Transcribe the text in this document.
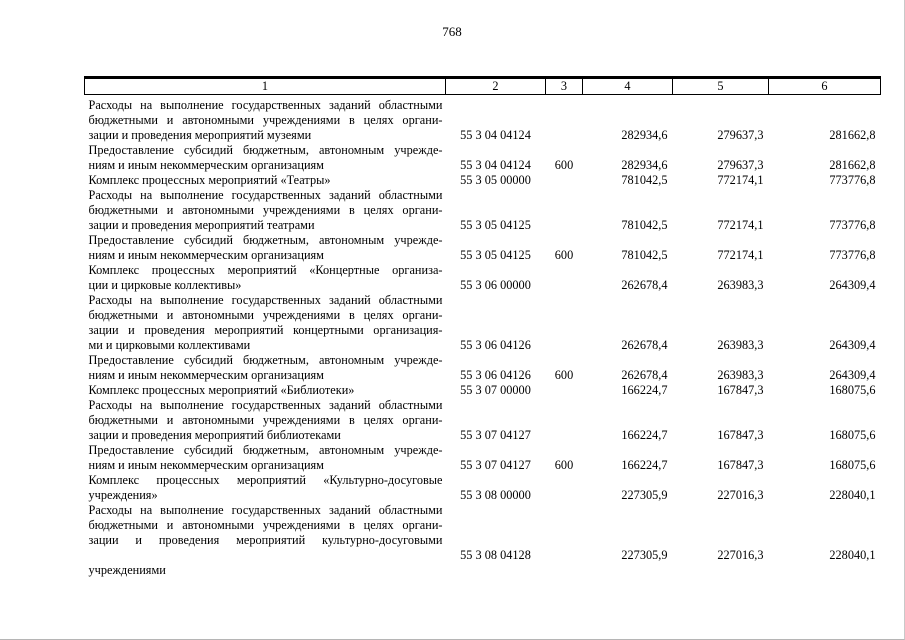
768
1	2	3	4	5	6

Расходы на выполнение государственных заданий областными
бюджетными и автономными учреждениями в целях органи-
зации и проведения мероприятий музеями	55 3 04 04124		282934,6	279637,3	281662,8

Предоставление субсидий бюджетным, автономным учрежде-
ниям и иным некоммерческим организациям	55 3 04 04124	600	282934,6	279637,3	281662,8

Комплекс процессных мероприятий «Театры»	55 3 05 00000		781042,5	772174,1	773776,8

Расходы на выполнение государственных заданий областными
бюджетными и автономными учреждениями в целях органи-
зации и проведения мероприятий театрами	55 3 05 04125		781042,5	772174,1	773776,8

Предоставление субсидий бюджетным, автономным учрежде-
ниям и иным некоммерческим организациям	55 3 05 04125	600	781042,5	772174,1	773776,8

Комплекс процессных мероприятий «Концертные организа-
ции и цирковые коллективы»	55 3 06 00000		262678,4	263983,3	264309,4

Расходы на выполнение государственных заданий областными
бюджетными и автономными учреждениями в целях органи-
зации и проведения мероприятий концертными организация-
ми и цирковыми коллективами	55 3 06 04126		262678,4	263983,3	264309,4

Предоставление субсидий бюджетным, автономным учрежде-
ниям и иным некоммерческим организациям	55 3 06 04126	600	262678,4	263983,3	264309,4

Комплекс процессных мероприятий «Библиотеки»	55 3 07 00000		166224,7	167847,3	168075,6

Расходы на выполнение государственных заданий областными
бюджетными и автономными учреждениями в целях органи-
зации и проведения мероприятий библиотеками	55 3 07 04127		166224,7	167847,3	168075,6

Предоставление субсидий бюджетным, автономным учрежде-
ниям и иным некоммерческим организациям	55 3 07 04127	600	166224,7	167847,3	168075,6

Комплекс процессных мероприятий «Культурно-досуговые
учреждения»	55 3 08 00000		227305,9	227016,3	228040,1

Расходы на выполнение государственных заданий областными
бюджетными и автономными учреждениями в целях органи-
зации и проведения мероприятий культурно-досуговыми
учреждениями	55 3 08 04128		227305,9	227016,3	228040,1
